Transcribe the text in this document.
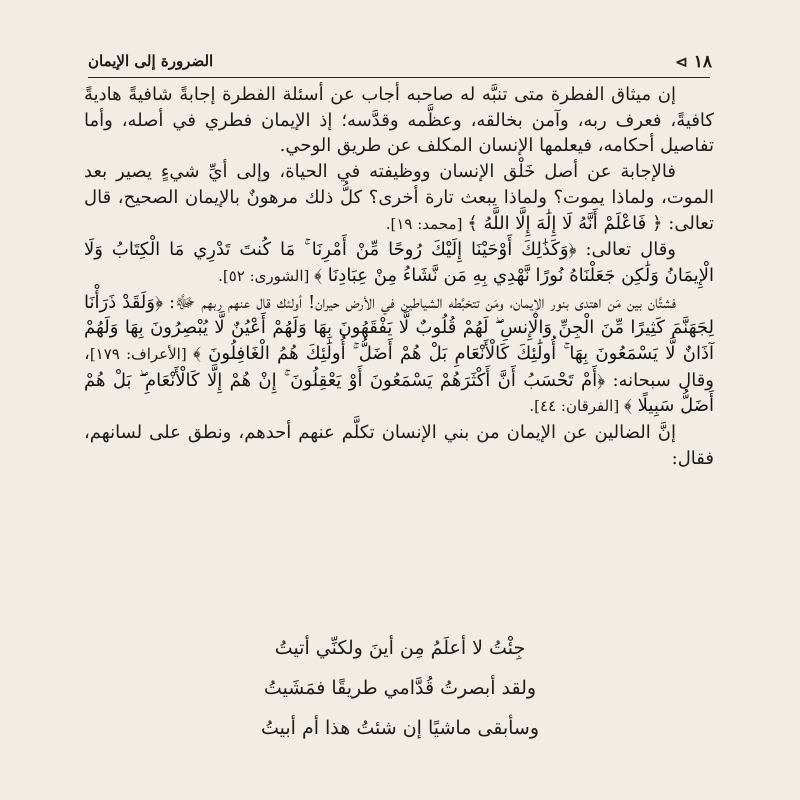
١٨
⊳
الضرورة إلى الإيمان

إن ميثاق الفطرة متى تنبَّه له صاحبه أجاب عن أسئلة الفطرة إجابةً شافيةً هاديةً كافيةً، فعرف ربه، وآمن بخالقه، وعظَّمه وقدَّسه؛ إذ الإيمان فطري في أصله، وأما تفاصيل أحكامه، فيعلمها الإنسان المكلف عن طريق الوحي.

فالإجابة عن أصل خَلْق الإنسان ووظيفته في الحياة، وإلى أيِّ شيءٍ يصير بعد الموت، ولماذا يموت؟ ولماذا يبعث تارة أخرى؟ كلُّ ذلك مرهونٌ بالإيمان الصحيح، قال تعالى: ﴿ فَاعْلَمْ أَنَّهُ لَا إِلَٰهَ إِلَّا اللَّهُ ﴾ [محمد: ١٩].

وقال تعالى: ﴿وَكَذَٰلِكَ أَوْحَيْنَا إِلَيْكَ رُوحًا مِّنْ أَمْرِنَا ۚ مَا كُنتَ تَدْرِي مَا الْكِتَابُ وَلَا الْإِيمَانُ وَلَٰكِن جَعَلْنَاهُ نُورًا نَّهْدِي بِهِ مَن نَّشَاءُ مِنْ عِبَادِنَا ﴾ [الشورى: ٥٢].

فشتَّان بين مَن اهتدى بنور الإيمان، ومَن تتخبَّطه الشياطين في الأرض حيران! أولئك قال عنهم ربهم ﷻ: ﴿وَلَقَدْ ذَرَأْنَا لِجَهَنَّمَ كَثِيرًا مِّنَ الْجِنِّ وَالْإِنسِ ۖ لَهُمْ قُلُوبٌ لَّا يَفْقَهُونَ بِهَا وَلَهُمْ أَعْيُنٌ لَّا يُبْصِرُونَ بِهَا وَلَهُمْ آذَانٌ لَّا يَسْمَعُونَ بِهَا ۚ أُولَٰئِكَ كَالْأَنْعَامِ بَلْ هُمْ أَضَلُّ ۚ أُولَٰئِكَ هُمُ الْغَافِلُونَ ﴾ [الأعراف: ١٧٩]، وقال سبحانه: ﴿أَمْ تَحْسَبُ أَنَّ أَكْثَرَهُمْ يَسْمَعُونَ أَوْ يَعْقِلُونَ ۚ إِنْ هُمْ إِلَّا كَالْأَنْعَامِ ۖ بَلْ هُمْ أَضَلُّ سَبِيلًا ﴾ [الفرقان: ٤٤].

إنَّ الضالين عن الإيمان من بني الإنسان تكلَّم عنهم أحدهم، ونطق على لسانهم، فقال:

جِئْتُ لا أعلَمُ مِن أينَ ولكنِّي أتيتُ
ولقد أبصرتُ قُدَّامي طريقًا فمَشَيتُ
وسأبقى ماشيًا إن شئتُ هذا أم أبيتُ
